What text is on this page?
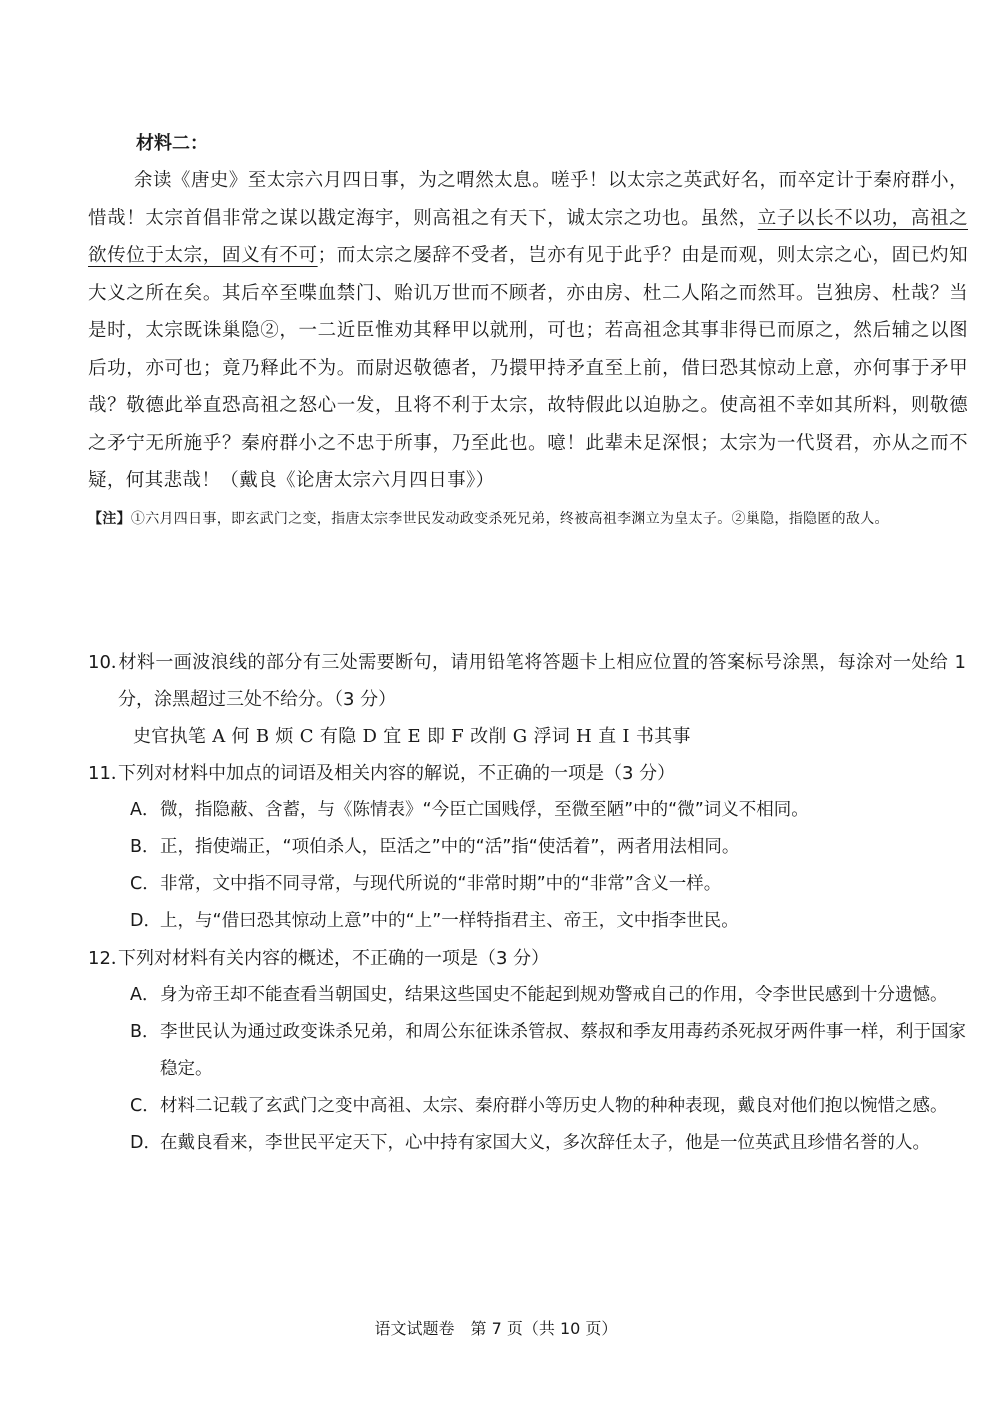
材料二：

余读《唐史》至太宗六月四日事，为之喟然太息。嗟乎！以太宗之英武好名，而卒定计于秦府群小，惜哉！太宗首倡非常之谋以戡定海宇，则高祖之有天下，诚太宗之功也。虽然，立子以长不以功，高祖之欲传位于太宗，固义有不可；而太宗之屡辞不受者，岂亦有见于此乎？由是而观，则太宗之心，固已灼知大义之所在矣。其后卒至喋血禁门、贻讥万世而不顾者，亦由房、杜二人陷之而然耳。岂独房、杜哉？当是时，太宗既诛巢隐②，一二近臣惟劝其释甲以就刑，可也；若高祖念其事非得已而原之，然后辅之以图后功，亦可也；竟乃释此不为。而尉迟敬德者，乃擐甲持矛直至上前，借曰恐其惊动上意，亦何事于矛甲哉？敬德此举直恐高祖之怒心一发，且将不利于太宗，故特假此以迫胁之。使高祖不幸如其所料，则敬德之矛宁无所施乎？秦府群小之不忠于所事，乃至此也。噫！此辈未足深恨；太宗为一代贤君，亦从之而不疑，何其悲哉！（戴良《论唐太宗六月四日事》）

【注】①六月四日事，即玄武门之变，指唐太宗李世民发动政变杀死兄弟，终被高祖李渊立为皇太子。②巢隐，指隐匿的敌人。
10．材料一画波浪线的部分有三处需要断句，请用铅笔将答题卡上相应位置的答案标号涂黑，每涂对一处给 1 分，涂黑超过三处不给分。（3 分）
史官执笔 A 何 B 烦 C 有隐 D 宜 E 即 F 改削 G 浮词 H 直 I 书其事
11．下列对材料中加点的词语及相关内容的解说，不正确的一项是（3 分）
A．微，指隐蔽、含蓄，与《陈情表》“今臣亡国贱俘，至微至陋”中的“微”词义不相同。
B．正，指使端正，“项伯杀人，臣活之”中的“活”指“使活着”，两者用法相同。
C．非常，文中指不同寻常，与现代所说的“非常时期”中的“非常”含义一样。
D．上，与“借曰恐其惊动上意”中的“上”一样特指君主、帝王，文中指李世民。
12．下列对材料有关内容的概述，不正确的一项是（3 分）
A．身为帝王却不能查看当朝国史，结果这些国史不能起到规劝警戒自己的作用，令李世民感到十分遗憾。
B．李世民认为通过政变诛杀兄弟，和周公东征诛杀管叔、蔡叔和季友用毒药杀死叔牙两件事一样，利于国家稳定。
C．材料二记载了玄武门之变中高祖、太宗、秦府群小等历史人物的种种表现，戴良对他们抱以惋惜之感。
D．在戴良看来，李世民平定天下，心中持有家国大义，多次辞任太子，他是一位英武且珍惜名誉的人。
语文试题卷　第 7 页（共 10 页）
